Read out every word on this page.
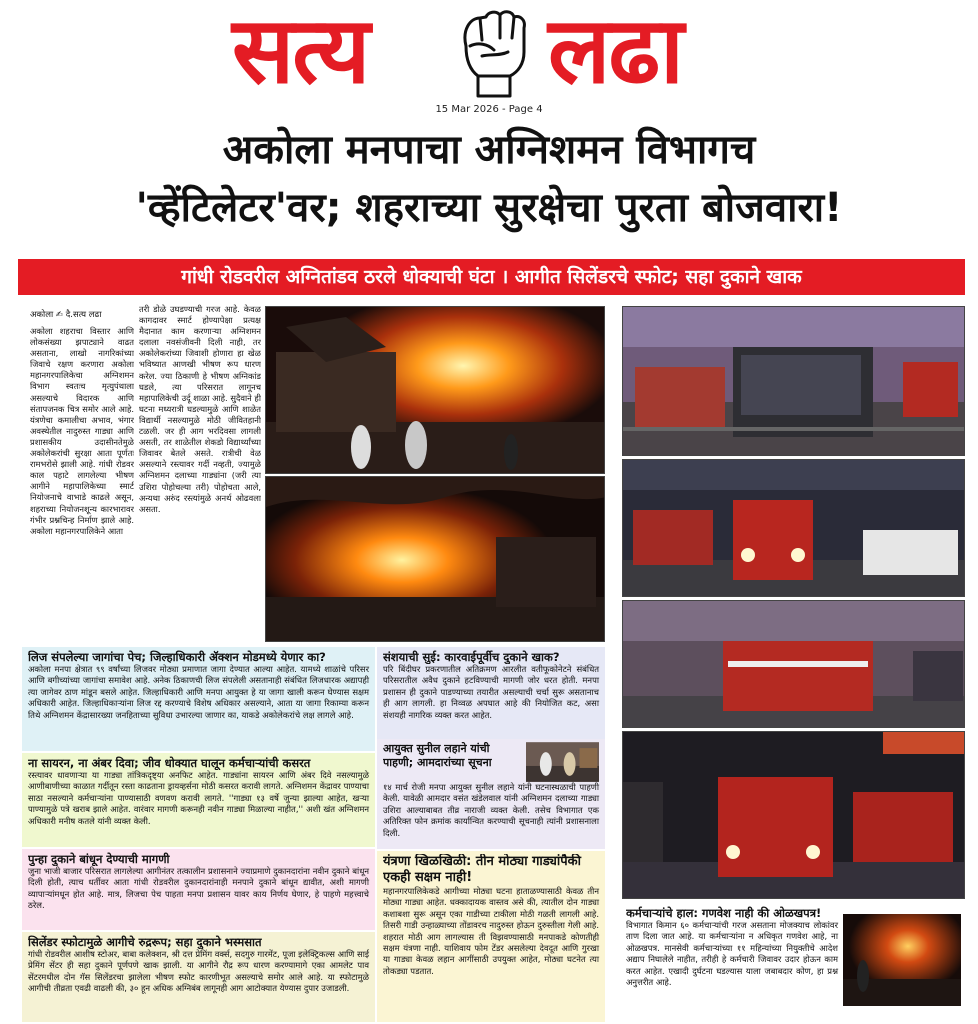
सत्य लढा
15 Mar 2026 - Page 4
अकोला मनपाचा अग्निशमन विभागच
'व्हेंटिलेटर'वर; शहराच्या सुरक्षेचा पुरता बोजवारा!
गांधी रोडवरील अग्नितांडव ठरले धोक्याची घंटा । आगीत सिलेंडरचे स्फोट; सहा दुकाने खाक
अकोला ✍ दै.सत्य लढा
अकोला शहराचा विस्तार आणि लोकसंख्या झपाट्याने वाढत असताना, लाखो नागरिकांच्या जिवाचे रक्षण करणारा अकोला महानगरपालिकेचा अग्निशमन विभाग स्वतःच मृत्युपंथाला असल्याचे विदारक आणि संतापजनक चित्र समोर आले आहे. यंत्रणेचा कमालीचा अभाव, भंगार अवस्थेतील नादुरुस्त गाड्या आणि प्रशासकीय उदासीनतेमुळे अकोलेकरांची सुरक्षा आता पूर्णतः रामभरोसे झाली आहे. गांधी रोडवर काल पहाटे लागलेल्या भीषण आगीने महापालिकेच्या स्मार्ट नियोजनाचे वाभाडे काढले असून, शहराच्या नियोजनशून्य कारभारावर गंभीर प्रश्नचिन्ह निर्माण झाले आहे. अकोला महानगरपालिकेने आता
तरी डोळे उघडण्याची गरज आहे. केवळ कागदावर स्मार्ट होण्यापेक्षा प्रत्यक्ष मैदानात काम करणाऱ्या अग्निशमन दलाला नवसंजीवनी दिली नाही, तर अकोलेकरांच्या जिवाशी होणारा हा खेळ भविष्यात आणखी भीषण रूप धारण करेल. ज्या ठिकाणी हे भीषण अग्निकांड घडले, त्या परिसरात लागूनच महापालिकेची उर्दू शाळा आहे. सुदैवाने ही घटना मध्यरात्री घडल्यामुळे आणि शाळेत विद्यार्थी नसल्यामुळे मोठी जीवितहानी टळली. जर ही आग भरदिवसा लागली असती, तर शाळेतील शेकडो विद्यार्थ्यांच्या जिवावर बेतले असते. रात्रीची वेळ असल्याने रस्त्यावर गर्दी नव्हती, ज्यामुळे अग्निशमन दलाच्या गाड्यांना (जरी त्या उशिरा पोहोचल्या तरी) पोहोचता आले, अन्यथा अरुंद रस्त्यांमुळे अनर्थ ओढवला असता.
लिज संपलेल्या जागांचा पेच; जिल्हाधिकारी ॲक्शन मोडमध्ये येणार का?

अकोला मनपा क्षेत्रात ९९ वर्षांच्या लिजवर मोठ्या प्रमाणात जागा देण्यात आल्या आहेत. यामध्ये शाळांचे परिसर आणि बगीच्यांच्या जागांचा समावेश आहे. अनेक ठिकाणची लिज संपलेली असतानाही संबंधित लिजधारक अद्यापही त्या जागेवर ठाण मांडून बसले आहेत. जिल्हाधिकारी आणि मनपा आयुक्त हे या जागा खाली करून घेण्यास सक्षम अधिकारी आहेत. जिल्हाधिकाऱ्यांना लिज रद्द करण्याचे विशेष अधिकार असल्याने, आता या जागा रिकाम्या करून तिथे अग्निशमन केंद्रासारख्या जनहिताच्या सुविधा उभारल्या जाणार का, याकडे अकोलेकरांचे लक्ष लागले आहे.

ना सायरन, ना अंबर दिवा; जीव धोक्यात घालून कर्मचाऱ्यांची कसरत

रस्त्यावर धावणाऱ्या या गाड्या तांत्रिकदृष्ट्या अनफिट आहेत. गाड्यांना सायरन आणि अंबर दिवे नसल्यामुळे आणीबाणीच्या काळात गर्दीतून रस्ता काढताना ड्रायव्हर्सना मोठी कसरत करावी लागते. अग्निशमन केंद्रावर पाण्याचा साठा नसल्याने कर्मचाऱ्यांना पाण्यासाठी वणवण करावी लागते. ''गाड्या १३ वर्षे जुन्या झाल्या आहेत, खऱ्या पाण्यामुळे पत्रे खराब झाले आहेत. वारंवार मागणी करूनही नवीन गाड्या मिळाल्या नाहीत,'' अशी खंत अग्निशमन अधिकारी मनीष कतले यांनी व्यक्त केली.

पुन्हा दुकाने बांधून देण्याची मागणी

जुना भाजी बाजार परिसरात लागलेल्या आगीनंतर तत्कालीन प्रशासनाने ज्याप्रमाणे दुकानदारांना नवीन दुकाने बांधून दिली होती, त्याच धर्तीवर आता गांधी रोडवरील दुकानदारांनाही मनपाने दुकाने बांधून द्यावीत, अशी मागणी व्यापाऱ्यांमधून होत आहे. मात्र, लिजचा पेच पाहता मनपा प्रशासन यावर काय निर्णय घेणार, हे पाहणे महत्त्वाचे ठरेल.

सिलेंडर स्फोटामुळे आगीचे रुद्ररूप; सहा दुकाने भस्मसात

गांधी रोडवरील आशीष स्टोअर, बाबा कलेक्शन, श्री दत्त प्रेमिंग वर्क्स, सदगुरु गारमेंट, पूजा इलेक्ट्रिकल्स आणि साई प्रेमिंग सेंटर ही सहा दुकाने पूर्णपणे खाक झाली. या आगीने रौद्र रूप धारण करण्यामागे एका आमलेट पाव सेंटरमधील दोन गॅस सिलेंडरचा झालेला भीषण स्फोट कारणीभूत असल्याचे समोर आले आहे. या स्फोटामुळे आगीची तीव्रता एवढी वाढली की, ३० हून अधिक अग्निबंब लागूनही आग आटोक्यात येण्यास दुपार उजाडली.

संशयाची सुई: कारवाईपूर्वीच दुकाने खाक?

परि बिंदीघर प्रकरणातील अतिक्रमण आरलीत वतीफूकोनेटने संबंधित परिसरातील अवैध दुकाने हटविण्याची मागणी जोर धरत होती. मनपा प्रशासन ही दुकाने पाडण्याच्या तयारीत असल्याची चर्चा सुरू असतानाच ही आग लागली. हा निव्वळ अपघात आहे की नियोजित कट, असा संशयही नागरिक व्यक्त करत आहेत.

आयुक्त सुनील लहाने यांची पाहणी; आमदारांच्या सूचना

१४ मार्च रोजी मनपा आयुक्त सुनील लहाने यांनी घटनास्थळाची पाहणी केली. यावेळी आमदार वसंत खंडेलवाल यांनी अग्निशमन दलाच्या गाड्या उशिरा आल्याबाबत तीव्र नाराजी व्यक्त केली. तसेच विभागात एक अतिरिक्त फोन क्रमांक कार्यान्वित करण्याची सूचनाही त्यांनी प्रशासनाला दिली.

यंत्रणा खिळखिळी: तीन मोठ्या गाड्यांपैकी एकही सक्षम नाही!

महानगरपालिकेकडे आगीच्या मोठ्या घटना हाताळण्यासाठी केवळ तीन मोठ्या गाड्या आहेत. धक्कादायक वास्तव असे की, त्यातील दोन गाड्या कशाबशा सुरू असून एका गाडीच्या टाकीला मोठी गळती लागली आहे. तिसरी गाडी उन्हाळ्याच्या तोंडावरच नादुरुस्त होऊन दुरुस्तीला गेली आहे. शहरात मोठी आग लागल्यास ती विझवण्यासाठी मनपाकडे कोणतीही सक्षम यंत्रणा नाही. याशिवाय फोम टेंडर असलेल्या देवदूत आणि गुरखा या गाड्या केवळ लहान आगींसाठी उपयुक्त आहेत, मोठ्या घटनेत त्या तोकड्या पडतात.

कर्मचाऱ्यांचे हाल: गणवेश नाही की ओळखपत्र!

विभागात किमान ६० कर्मचाऱ्यांची गरज असताना मोजक्याच लोकांवर ताण दिला जात आहे. या कर्मचाऱ्यांना न अधिकृत गणवेश आहे, ना ओळखपत्र. मानसेवी कर्मचाऱ्यांच्या ११ महिन्यांच्या नियुक्तीचे आदेश अद्याप निघालेले नाहीत, तरीही हे कर्मचारी जिवावर उदार होऊन काम करत आहेत. एखादी दुर्घटना घडल्यास याला जबाबदार कोण, हा प्रश्न अनुत्तरीत आहे.
